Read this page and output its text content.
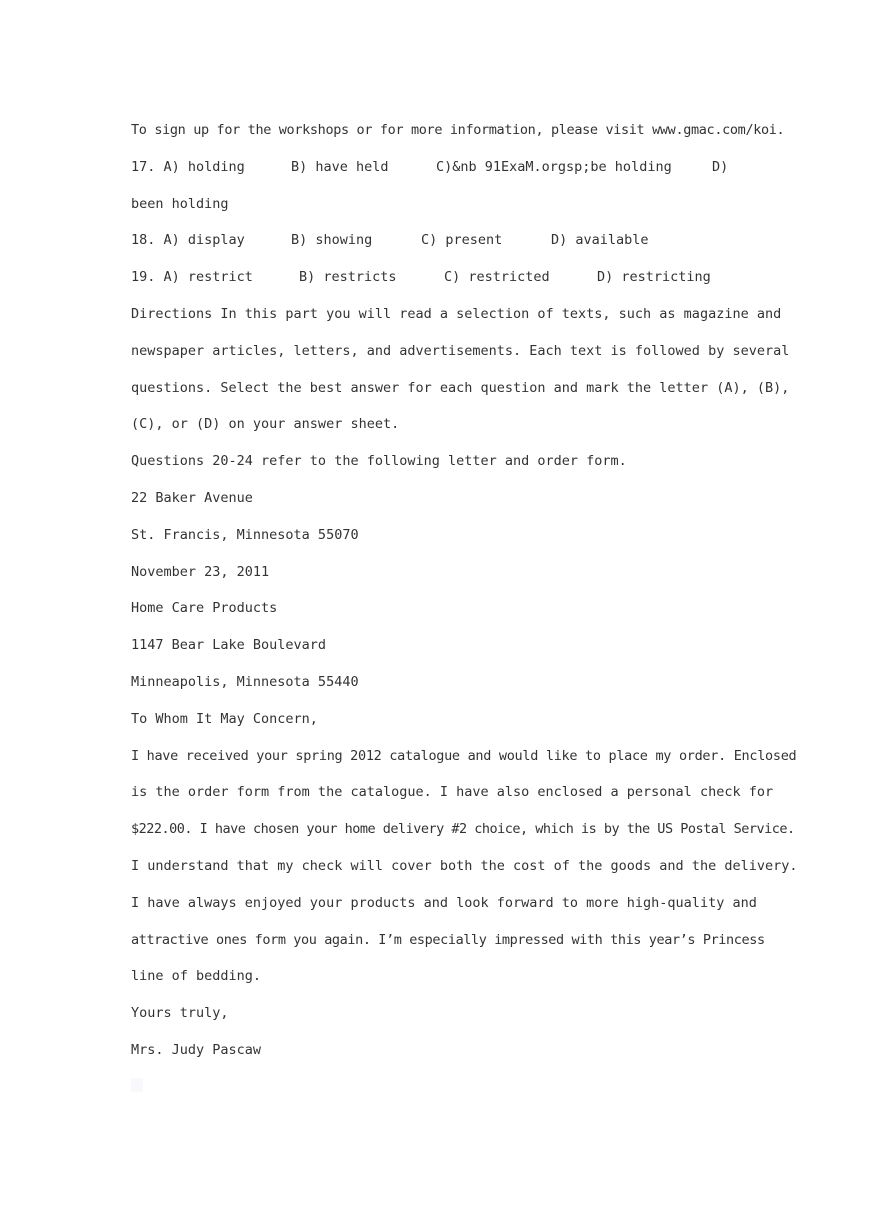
To sign up for the workshops or for more information, please visit www.gmac.com/koi.
17. A) holding	B) have held	C)&nb 91ExaM.orgsp;be holding	D)
been holding
18. A) display	B) showing	C) present	D) available
19. A) restrict	B) restricts	C) restricted	D) restricting
Directions In this part you will read a selection of texts, such as magazine and
newspaper articles, letters, and advertisements. Each text is followed by several
questions. Select the best answer for each question and mark the letter (A), (B),
(C), or (D) on your answer sheet.
Questions 20-24 refer to the following letter and order form.
22 Baker Avenue
St. Francis, Minnesota 55070
November 23, 2011
Home Care Products
1147 Bear Lake Boulevard
Minneapolis, Minnesota 55440
To Whom It May Concern,
I have received your spring 2012 catalogue and would like to place my order. Enclosed
is the order form from the catalogue. I have also enclosed a personal check for
$222.00. I have chosen your home delivery #2 choice, which is by the US Postal Service.
I understand that my check will cover both the cost of the goods and the delivery.
I have always enjoyed your products and look forward to more high-quality and
attractive ones form you again. I’m especially impressed with this year’s Princess
line of bedding.
Yours truly,
Mrs. Judy Pascaw
